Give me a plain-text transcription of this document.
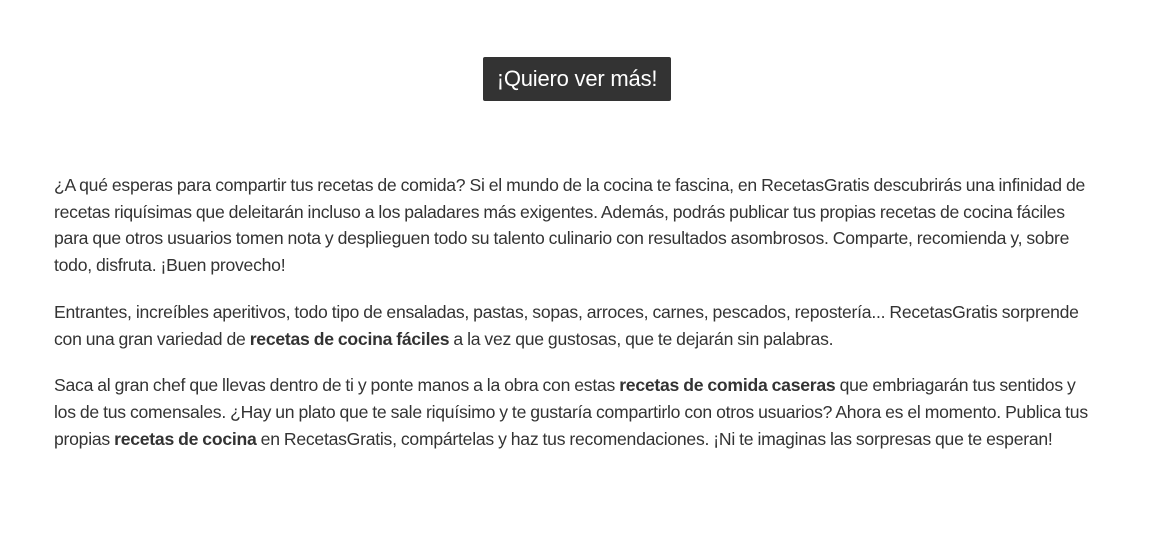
¡Quiero ver más!

¿A qué esperas para compartir tus recetas de comida? Si el mundo de la cocina te fascina, en RecetasGratis descubrirás una infinidad de recetas riquísimas que deleitarán incluso a los paladares más exigentes. Además, podrás publicar tus propias recetas de cocina fáciles para que otros usuarios tomen nota y desplieguen todo su talento culinario con resultados asombrosos. Comparte, recomienda y, sobre todo, disfruta. ¡Buen provecho!

Entrantes, increíbles aperitivos, todo tipo de ensaladas, pastas, sopas, arroces, carnes, pescados, repostería... RecetasGratis sorprende con una gran variedad de recetas de cocina fáciles a la vez que gustosas, que te dejarán sin palabras.

Saca al gran chef que llevas dentro de ti y ponte manos a la obra con estas recetas de comida caseras que embriagarán tus sentidos y los de tus comensales. ¿Hay un plato que te sale riquísimo y te gustaría compartirlo con otros usuarios? Ahora es el momento. Publica tus propias recetas de cocina en RecetasGratis, compártelas y haz tus recomendaciones. ¡Ni te imaginas las sorpresas que te esperan!
